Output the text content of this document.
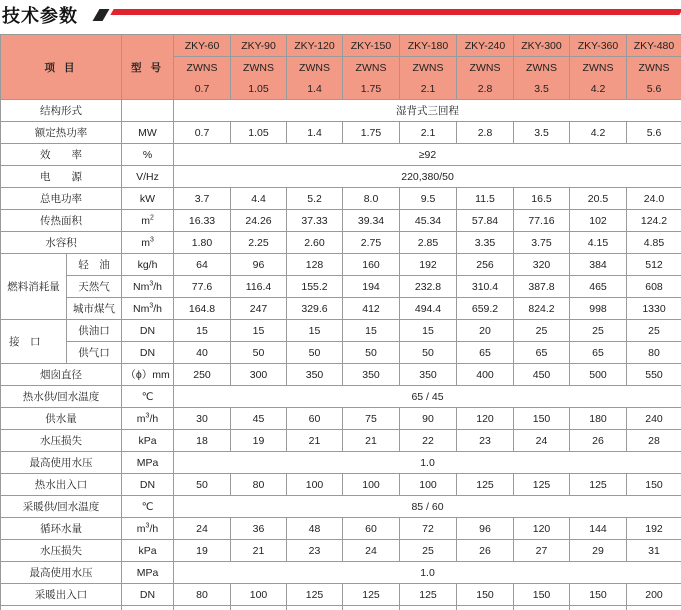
技术参数
项 目		型 号	ZKY-60	ZKY-90	ZKY-120	ZKY-150	ZKY-180	ZKY-240	ZKY-300	ZKY-360	ZKY-480
			ZWNS	ZWNS	ZWNS	ZWNS	ZWNS	ZWNS	ZWNS	ZWNS	ZWNS
			0.7	1.05	1.4	1.75	2.1	2.8	3.5	4.2	5.6
结构形式			湿背式三回程								
额定热功率		MW	0.7	1.05	1.4	1.75	2.1	2.8	3.5	4.2	5.6
效　　率		%	≥92								
电　　源		V/Hz	220,380/50								
总电功率		kW	3.7	4.4	5.2	8.0	9.5	11.5	16.5	20.5	24.0
传热面积		$m^2$	16.33	24.26	37.33	39.34	45.34	57.84	77.16	102	124.2
水容积		$m^3$	1.80	2.25	2.60	2.75	2.85	3.35	3.75	4.15	4.85
燃料消耗量	轻　油	kg/h	64	96	128	160	192	256	320	384	512
	天然气	Nm$^3$/h	77.6	116.4	155.2	194	232.8	310.4	387.8	465	608
	城市煤气	Nm$^3$/h	164.8	247	329.6	412	494.4	659.2	824.2	998	1330
接　口	供油口	DN	15	15	15	15	15	20	25	25	25
	供气口	DN	40	50	50	50	50	65	65	65	80
烟囱直径		（ϕ）mm	250	300	350	350	350	400	450	500	550
热水供/回水温度		℃	65 / 45								
供水量		$m^3/h$	30	45	60	75	90	120	150	180	240
水压损失		kPa	18	19	21	21	22	23	24	26	28
最高使用水压		MPa	1.0								
热水出入口		DN	50	80	100	100	100	125	125	125	150
采暖供/回水温度		℃	85 / 60								
循环水量		$m^3/h$	24	36	48	60	72	96	120	144	192
水压损失		kPa	19	21	23	24	25	26	27	29	31
最高使用水压		MPa	1.0								
采暖出入口		DN	80	100	125	125	125	150	150	150	200
